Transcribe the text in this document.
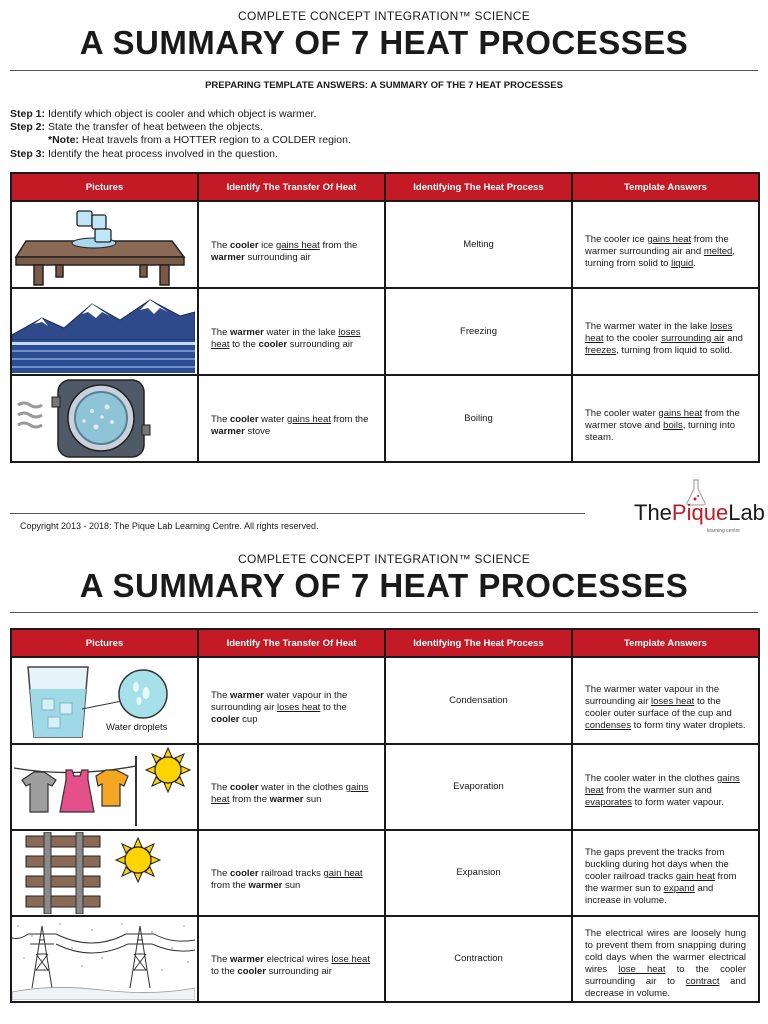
COMPLETE CONCEPT INTEGRATION™ SCIENCE
A SUMMARY OF 7 HEAT PROCESSES
PREPARING TEMPLATE ANSWERS: A SUMMARY OF THE 7 HEAT PROCESSES
Step 1: Identify which object is cooler and which object is warmer.
Step 2: State the transfer of heat between the objects.
*Note: Heat travels from a HOTTER region to a COLDER region.
Step 3: Identify the heat process involved in the question.
Pictures	Identify The Transfer Of Heat	Identifying The Heat Process	Template Answers

The cooler ice gains heat from the warmer surrounding air	Melting	The cooler ice gains heat from the warmer surrounding air and melted, turning from solid to liquid.

The warmer water in the lake loses heat to the cooler surrounding air	Freezing	The warmer water in the lake loses heat to the cooler surrounding air and freezes, turning from liquid to solid.

The cooler water gains heat from the warmer stove	Boiling	The cooler water gains heat from the warmer stove and boils, turning into steam.
Copyright 2013 - 2018: The Pique Lab Learning Centre. All rights reserved.
ThePiqueLab
learning centre
COMPLETE CONCEPT INTEGRATION™ SCIENCE
A SUMMARY OF 7 HEAT PROCESSES
Pictures	Identify The Transfer Of Heat	Identifying The Heat Process	Template Answers

Water droplets	The warmer water vapour in the surrounding air loses heat to the cooler cup	Condensation	The warmer water vapour in the surrounding air loses heat to the cooler outer surface of the cup and condenses to form tiny water droplets.

The cooler water in the clothes gains heat from the warmer sun	Evaporation	The cooler water in the clothes gains heat from the warmer sun and evaporates to form water vapour.

The cooler railroad tracks gain heat from the warmer sun	Expansion	The gaps prevent the tracks from buckling during hot days when the cooler railroad tracks gain heat from the warmer sun to expand and increase in volume.

The warmer electrical wires lose heat to the cooler surrounding air	Contraction	The electrical wires are loosely hung to prevent them from snapping during cold days when the warmer electrical wires lose heat to the cooler surrounding air to contract and decrease in volume.
